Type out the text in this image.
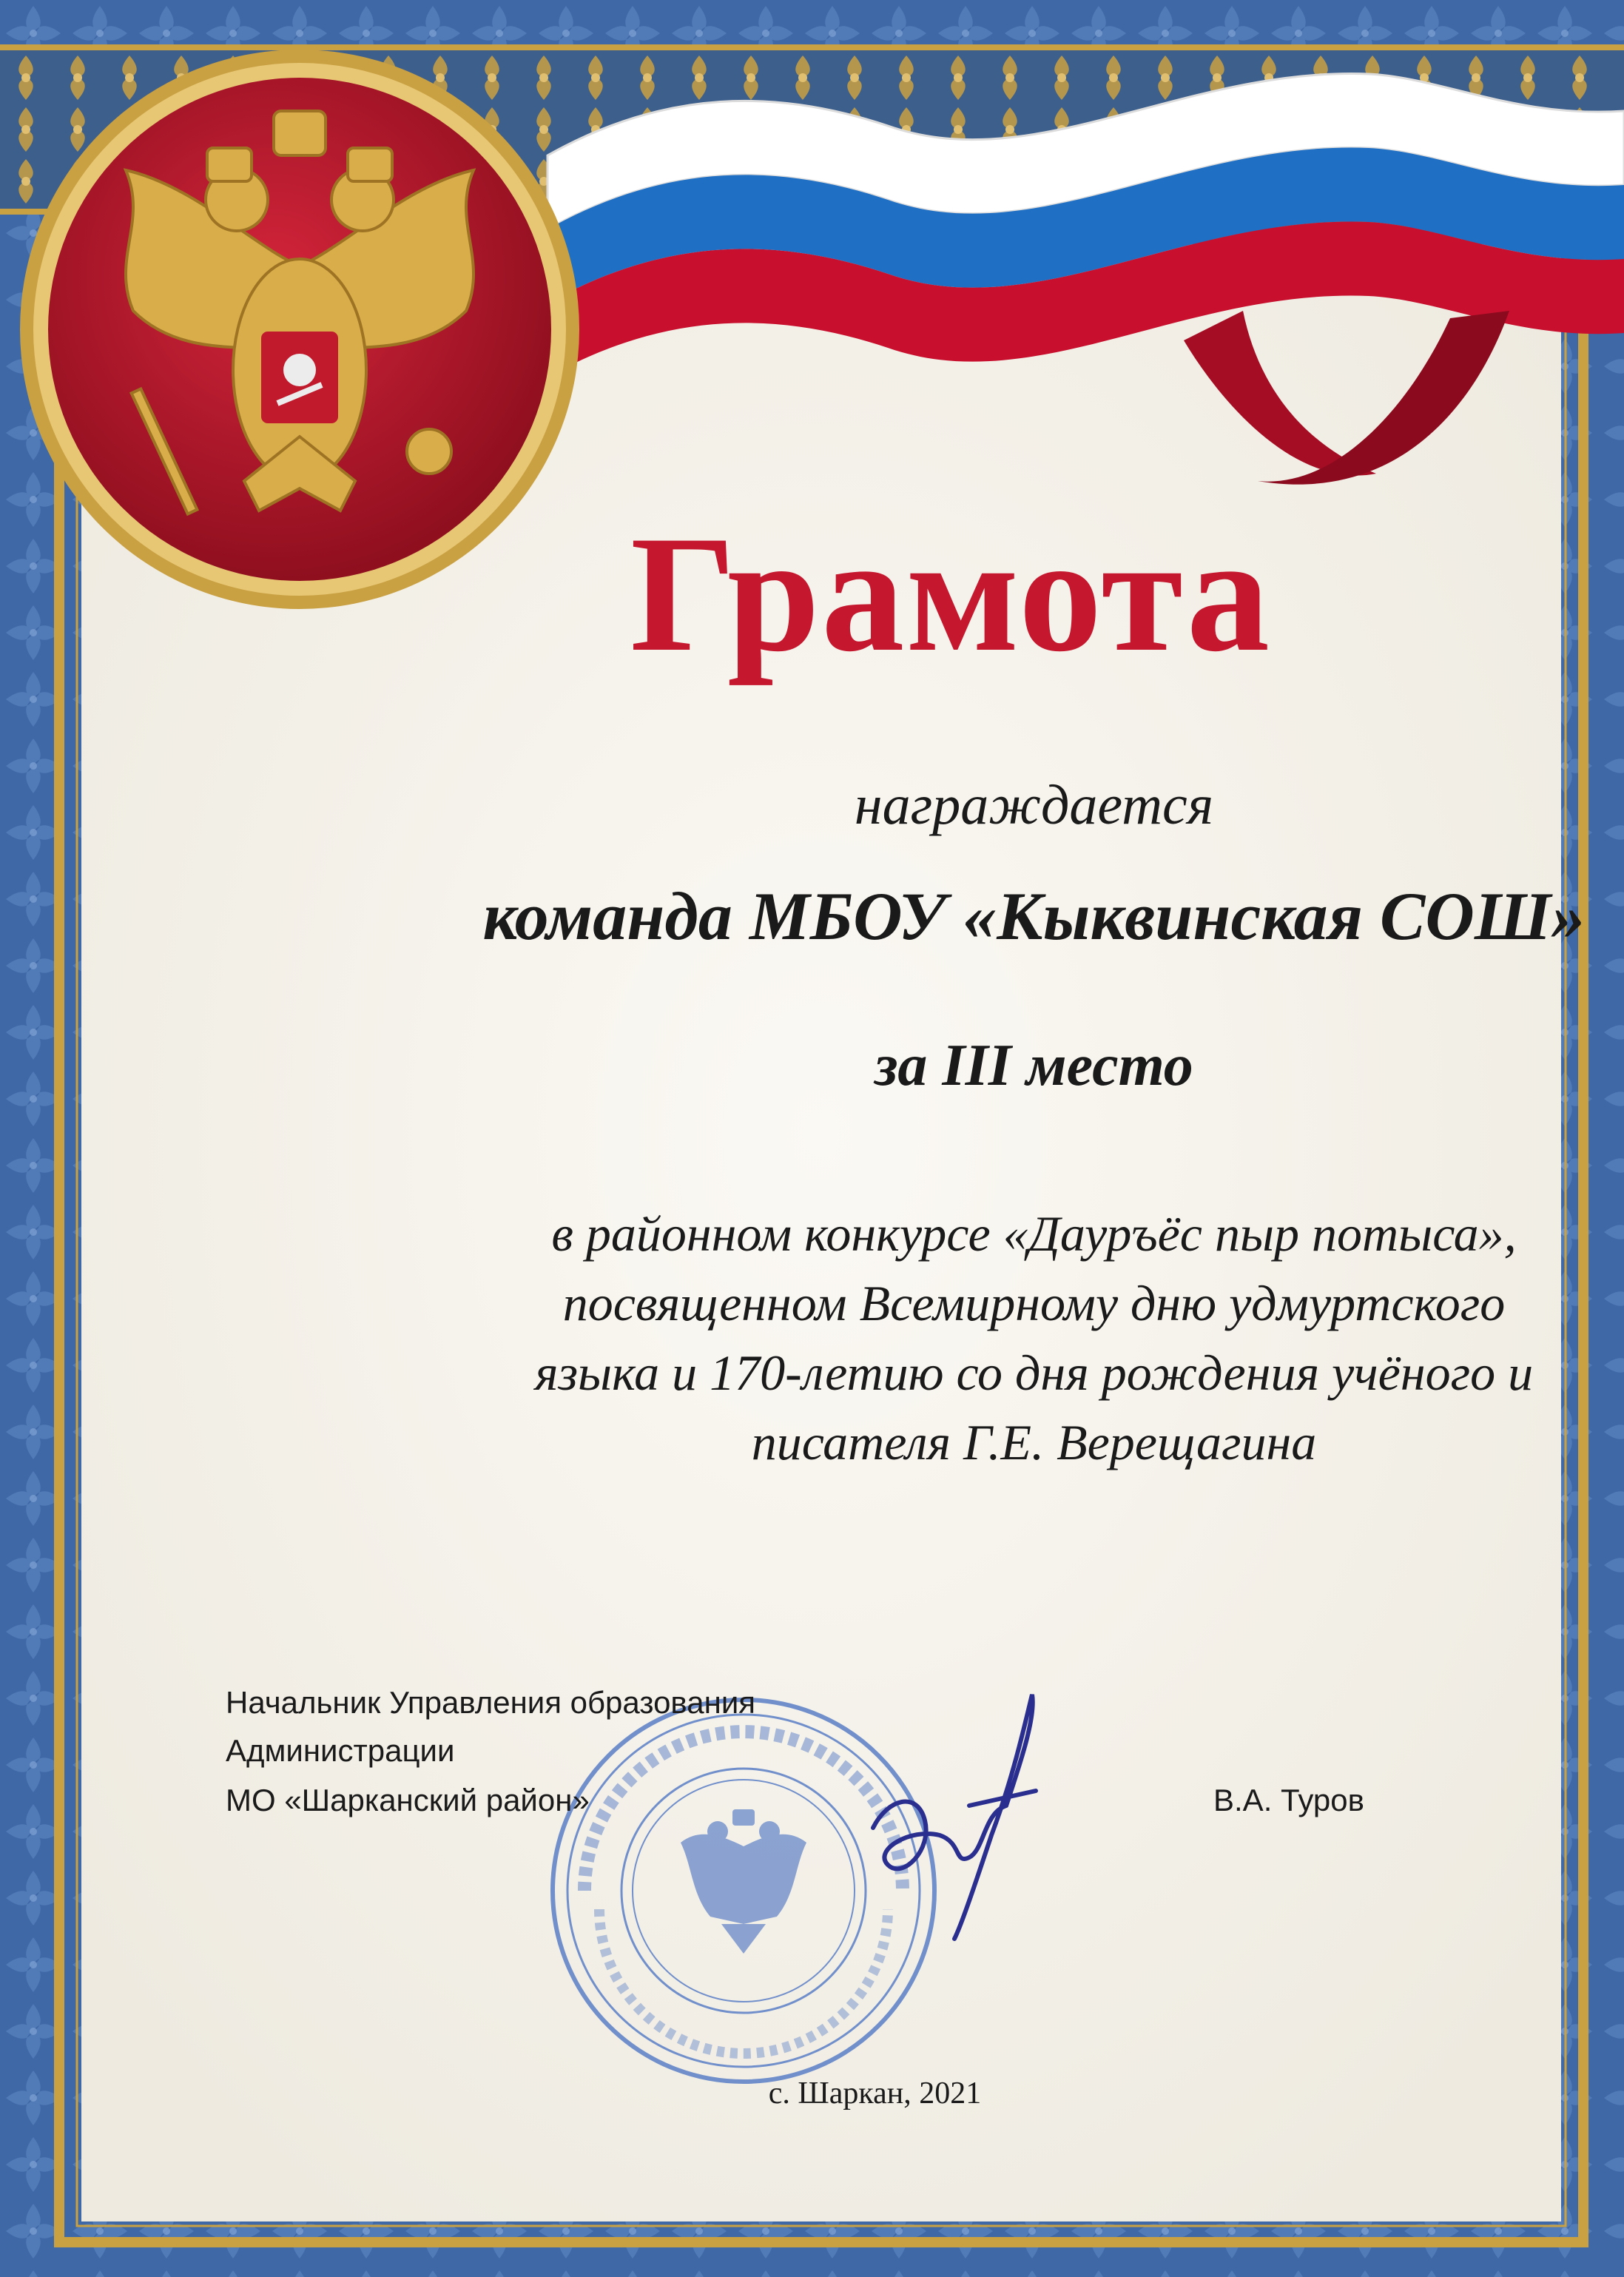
Грамота

награждается

команда МБОУ «Кыквинская СОШ»

за III место

в районном конкурсе «Дауръёс пыр потыса»,
посвященном Всемирному дню удмуртского
языка и 170-летию со дня рождения учёного и
писателя Г.Е. Верещагина

Начальник Управления образования

Администрации

МО «Шарканский район»	В.А. Туров

с. Шаркан, 2021
